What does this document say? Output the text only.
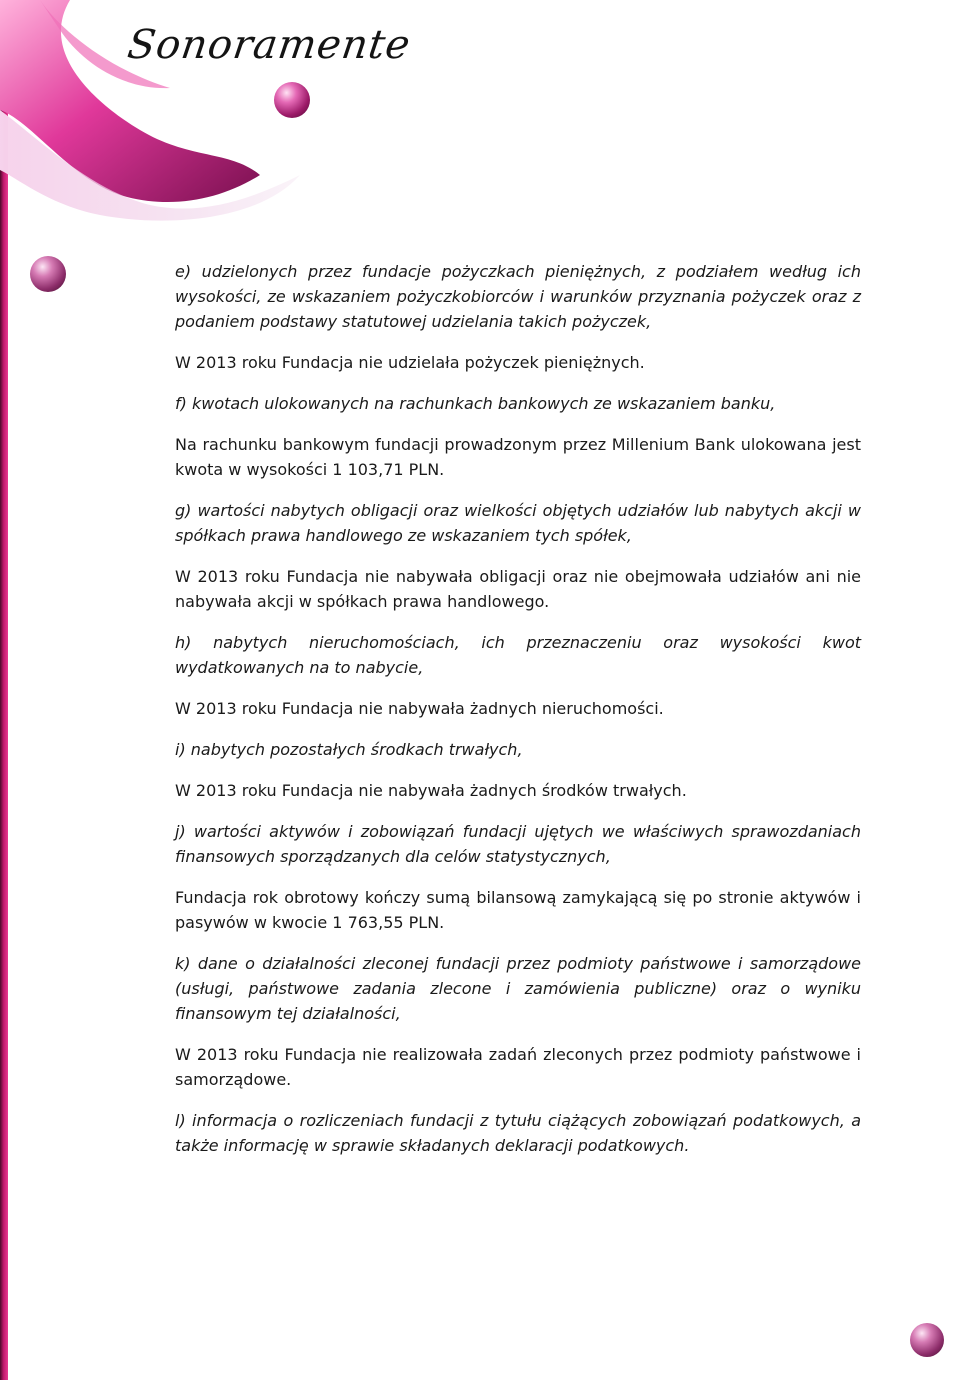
Sonoramente

e) udzielonych przez fundacje pożyczkach pieniężnych, z podziałem według ich wysokości, ze wskazaniem pożyczkobiorców i warunków przyznania pożyczek oraz z podaniem podstawy statutowej udzielania takich pożyczek,

W 2013 roku Fundacja nie udzielała pożyczek pieniężnych.

f) kwotach ulokowanych na rachunkach bankowych ze wskazaniem banku,

Na rachunku bankowym fundacji prowadzonym przez Millenium Bank ulokowana jest kwota w wysokości 1 103,71 PLN.

g) wartości nabytych obligacji oraz wielkości objętych udziałów lub nabytych akcji w spółkach prawa handlowego ze wskazaniem tych spółek,

W 2013 roku Fundacja nie nabywała obligacji oraz nie obejmowała udziałów ani nie nabywała akcji w spółkach prawa handlowego.

h) nabytych nieruchomościach, ich przeznaczeniu oraz wysokości kwot wydatkowanych na to nabycie,

W 2013 roku Fundacja nie nabywała żadnych nieruchomości.

i) nabytych pozostałych środkach trwałych,

W 2013 roku Fundacja nie nabywała żadnych środków trwałych.

j) wartości aktywów i zobowiązań fundacji ujętych we właściwych sprawozdaniach finansowych sporządzanych dla celów statystycznych,

Fundacja rok obrotowy kończy sumą bilansową zamykającą się po stronie aktywów i pasywów w kwocie 1 763,55 PLN.

k) dane o działalności zleconej fundacji przez podmioty państwowe i samorządowe (usługi, państwowe zadania zlecone i zamówienia publiczne) oraz o wyniku finansowym tej działalności,

W 2013 roku Fundacja nie realizowała zadań zleconych przez podmioty państwowe i samorządowe.

l) informacja o rozliczeniach fundacji z tytułu ciążących zobowiązań podatkowych, a także informację w sprawie składanych deklaracji podatkowych.
